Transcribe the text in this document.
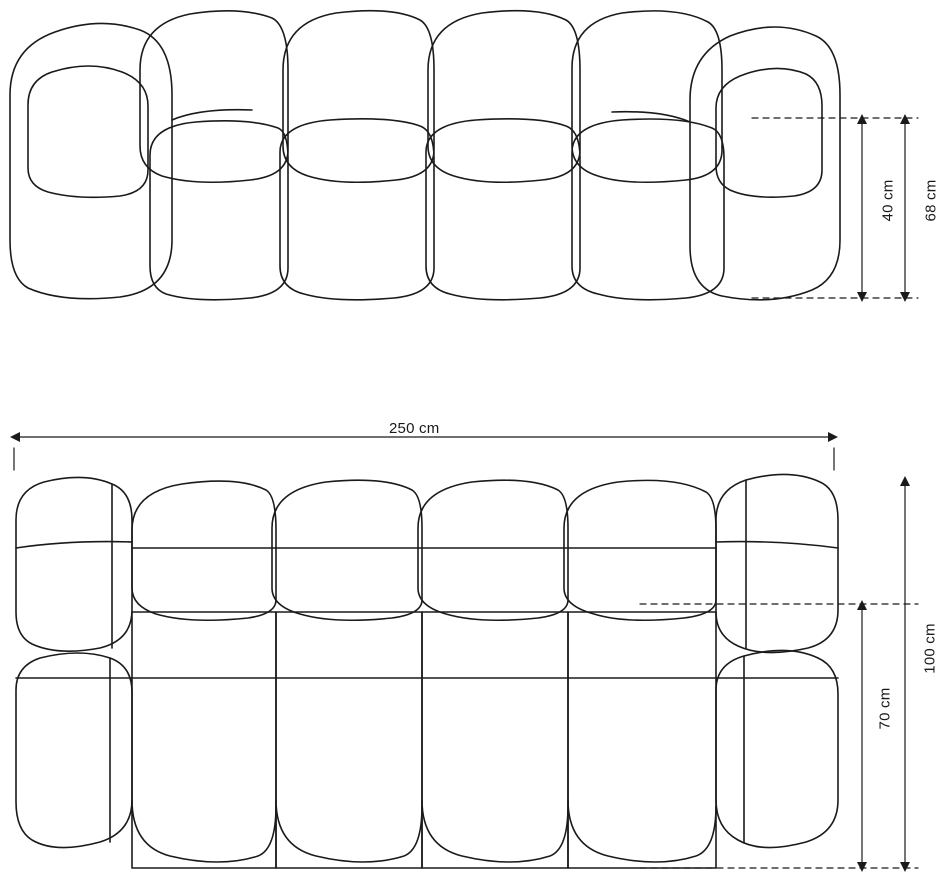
68 cm
40 cm
250 cm
100 cm
70 cm
